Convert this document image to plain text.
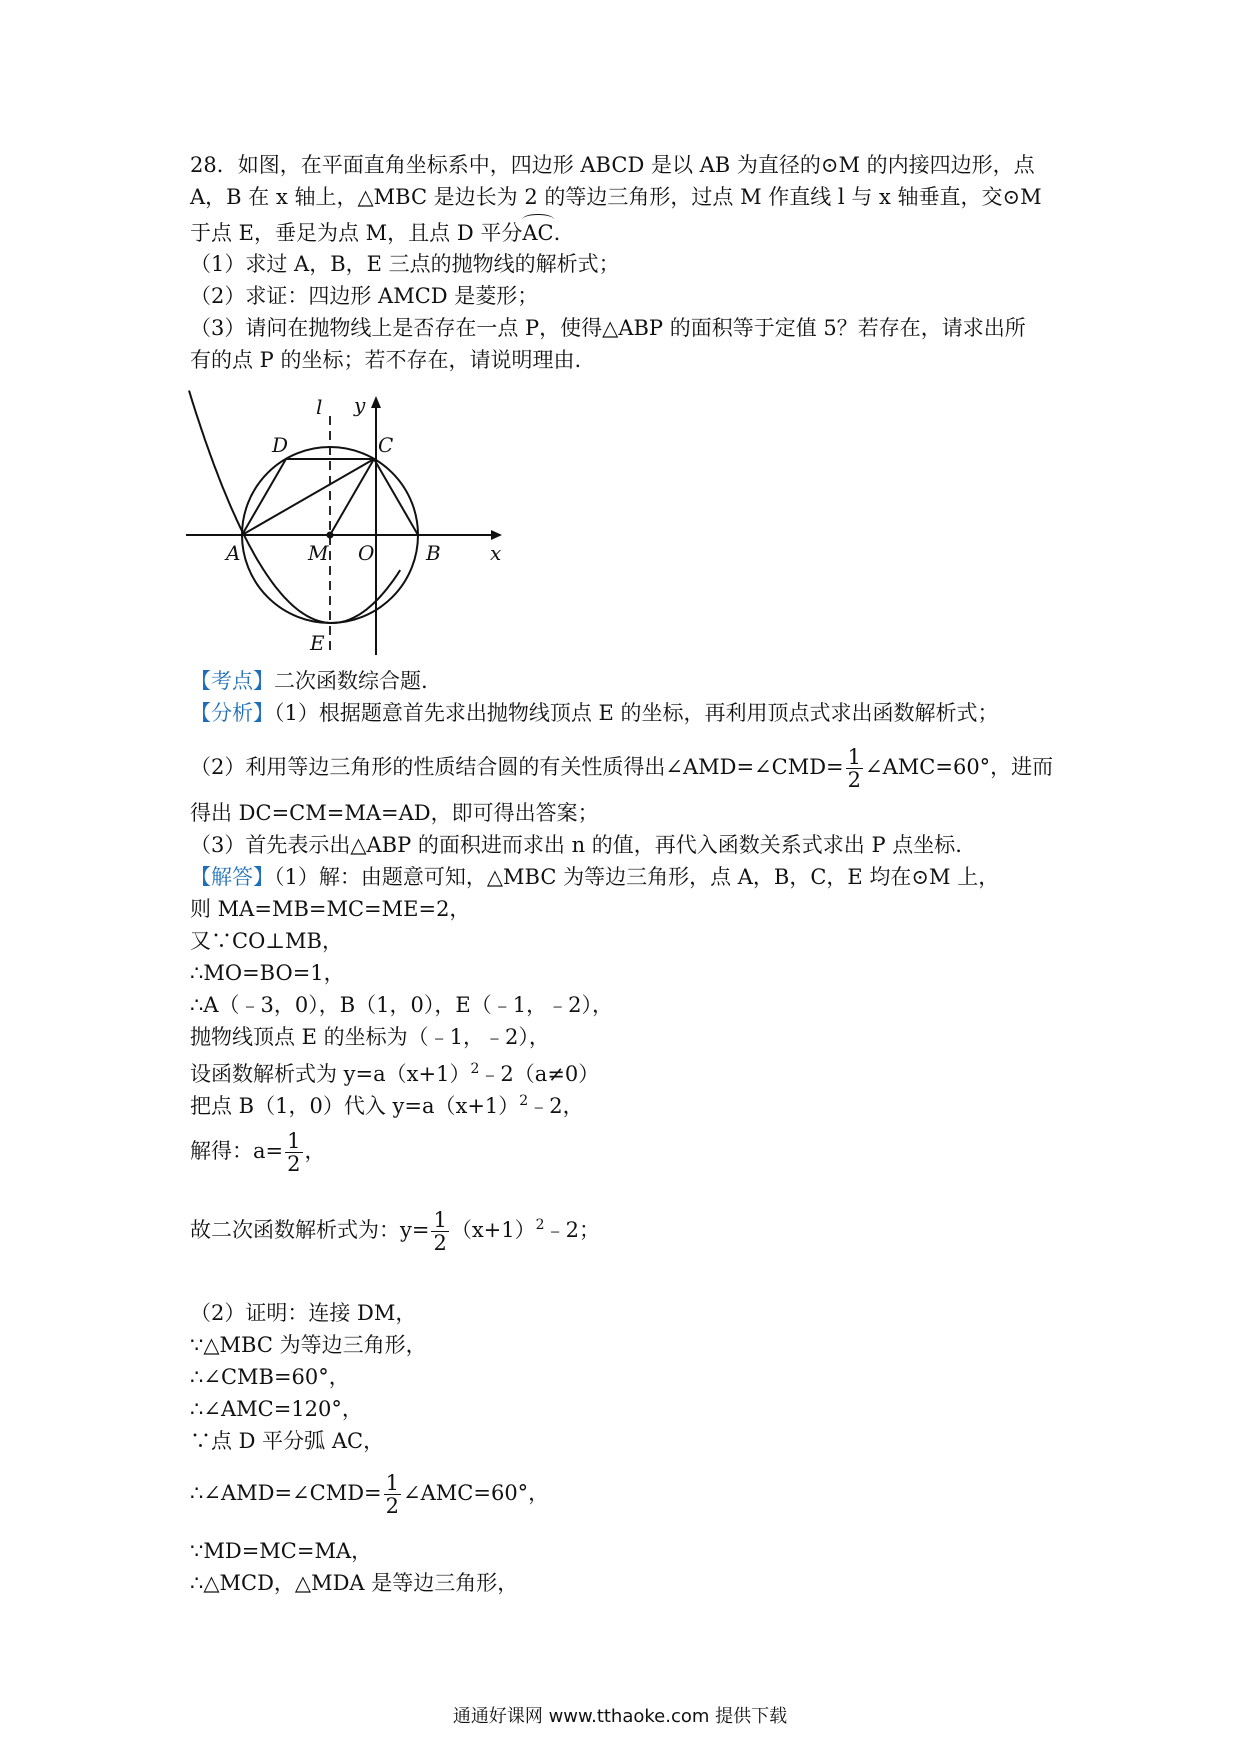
28．如图，在平面直角坐标系中，四边形 ABCD 是以 AB 为直径的⊙M 的内接四边形，点
A，B 在 x 轴上，△MBC 是边长为 2 的等边三角形，过点 M 作直线 l 与 x 轴垂直，交⊙M
于点 E，垂足为点 M，且点 D 平分AC.
（1）求过 A，B，E 三点的抛物线的解析式；
（2）求证：四边形 AMCD 是菱形；
（3）请问在抛物线上是否存在一点 P，使得△ABP 的面积等于定值 5？若存在，请求出所
有的点 P 的坐标；若不存在，请说明理由.
l y
x
A	B
C
D
E
M O
【考点】二次函数综合题.
【分析】（1）根据题意首先求出抛物线顶点 E 的坐标，再利用顶点式求出函数解析式；
（2）利用等边三角形的性质结合圆的有关性质得出∠AMD=∠CMD= $\frac{1}{2}$ ∠AMC=60°，进而
得出 DC=CM=MA=AD，即可得出答案；
（3）首先表示出△ABP 的面积进而求出 n 的值，再代入函数关系式求出 P 点坐标.
【解答】（1）解：由题意可知，△MBC 为等边三角形，点 A，B，C，E 均在⊙M 上，
则 MA=MB=MC=ME=2，
又∵CO⊥MB，
∴MO=BO=1，
∴A（﹣3，0），B（1，0），E（﹣1，﹣2），
抛物线顶点 E 的坐标为（﹣1，﹣2），
设函数解析式为 $y=a(x+1)^2﹣2(a\ne 0)$
把点 B（1，0）代入 $y=a(x+1)^2﹣2$，
解得：$a= \frac{1}{2}$ ，
故二次函数解析式为：$y= \frac{1}{2}$ $(x+1)^2﹣2$；
（2）证明：连接 DM，
∵△MBC 为等边三角形，
∴∠CMB=60°，
∴∠AMC=120°，
∵点 D 平分弧 AC，
∴∠AMD=∠CMD= $\frac{1}{2}$ ∠AMC=60°，
∵MD=MC=MA，
∴△MCD，△MDA 是等边三角形，
通通好课网 www.tthaoke.com 提供下载
